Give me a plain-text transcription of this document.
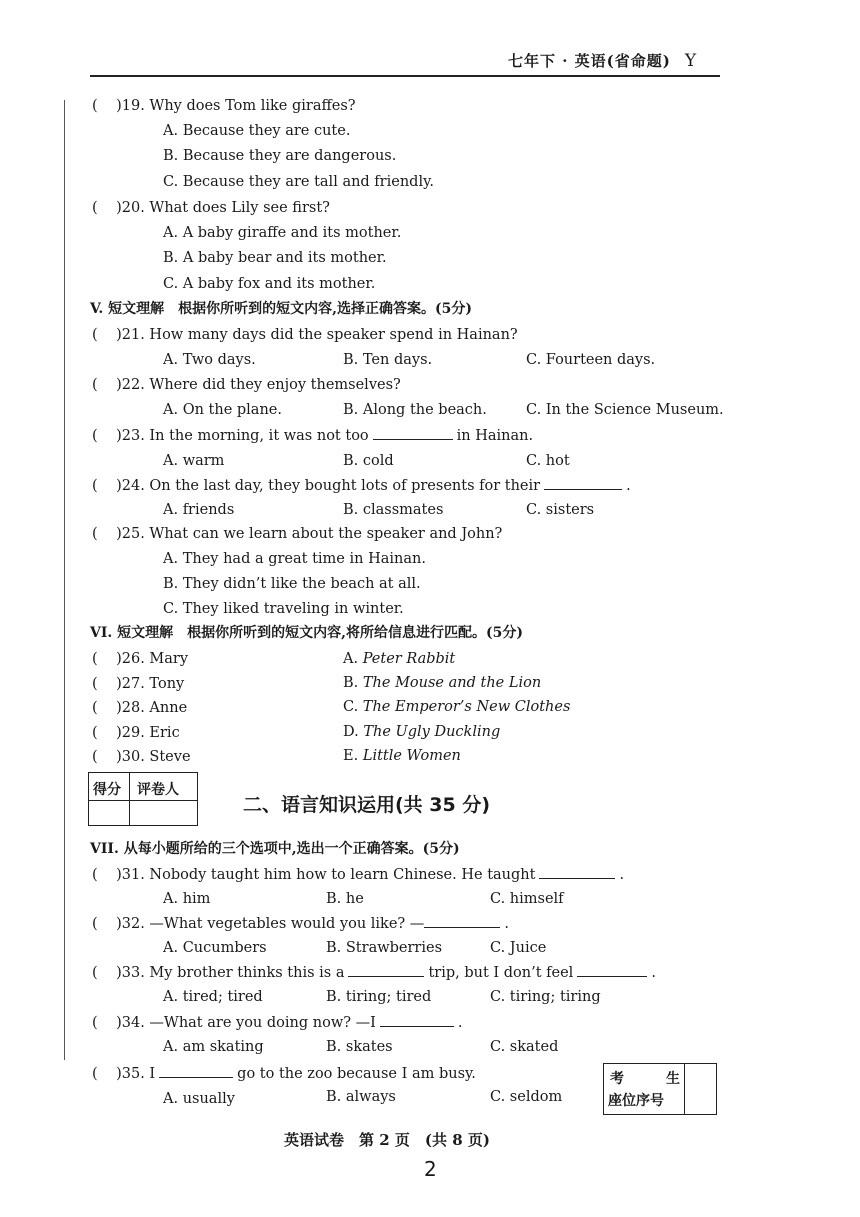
七年下 · 英语(省命题) Y
(    )19. Why does Tom like giraffes?
A. Because they are cute.
B. Because they are dangerous.
C. Because they are tall and friendly.
(    )20. What does Lily see first?
A. A baby giraffe and its mother.
B. A baby bear and its mother.
C. A baby fox and its mother.
V. 短文理解　根据你所听到的短文内容,选择正确答案。(5分)
(    )21. How many days did the speaker spend in Hainan?
A. Two days.	B. Ten days.	C. Fourteen days.
(    )22. Where did they enjoy themselves?
A. On the plane.	B. Along the beach.	C. In the Science Museum.
(    )23. In the morning, it was not too	in Hainan.
A. warm	B. cold	C. hot
(    )24. On the last day, they bought lots of presents for their	.
A. friends	B. classmates	C. sisters
(    )25. What can we learn about the speaker and John?
A. They had a great time in Hainan.
B. They didn’t like the beach at all.
C. They liked traveling in winter.
VI. 短文理解　根据你所听到的短文内容,将所给信息进行匹配。(5分)
(    )26. Mary	A. Peter Rabbit
(    )27. Tony	B. The Mouse and the Lion
(    )28. Anne	C. The Emperor’s New Clothes
(    )29. Eric	D. The Ugly Duckling
(    )30. Steve	E. Little Women
得分 评卷人
二、语言知识运用(共 35 分)
VII. 从每小题所给的三个选项中,选出一个正确答案。(5分)
(    )31. Nobody taught him how to learn Chinese. He taught	.
A. him	B. he	C. himself
(    )32. —What vegetables would you like? —	.
A. Cucumbers	B. Strawberries	C. Juice
(    )33. My brother thinks this is a	trip, but I don’t feel	.
A. tired; tired	B. tiring; tired	C. tiring; tiring
(    )34. —What are you doing now? —I	.
A. am skating	B. skates	C. skated
(    )35. I	go to the zoo because I am busy.
A. usually	B. always	C. seldom
考	生
座位序号
英语试卷　第 2 页　(共 8 页)
2
